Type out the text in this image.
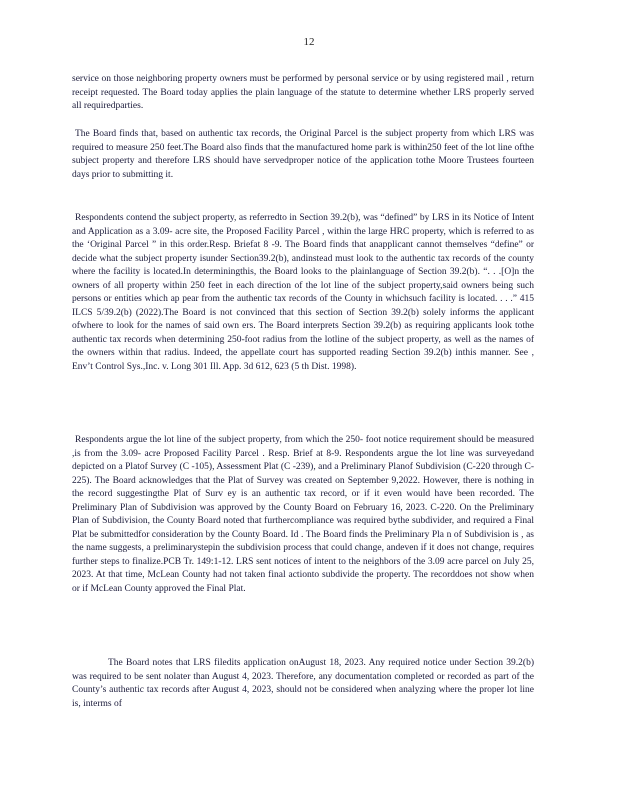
12

service on those neighboring property owners must be performed by personal service or by using registered mail , return receipt requested. The Board today applies the plain language of the statute to determine whether LRS properly served all requiredparties.

The Board finds that, based on authentic tax records, the Original Parcel is the subject property from which LRS was required to measure 250 feet.The Board also finds that the manufactured home park is within250 feet of the lot line ofthe subject property and therefore LRS should have servedproper notice of the application tothe Moore Trustees fourteen days prior to submitting it.

Respondents contend the subject property, as referredto in Section 39.2(b), was “defined” by LRS in its Notice of Intent and Application as a 3.09- acre site, the Proposed Facility Parcel , within the large HRC property, which is referred to as the ‘Original Parcel ” in this order.Resp. Briefat 8 -9. The Board finds that anapplicant cannot themselves “define” or decide what the subject property isunder Section39.2(b), andinstead must look to the authentic tax records of the county where the facility is located.In determiningthis, the Board looks to the plainlanguage of Section 39.2(b). “. . .[O]n the owners of all property within 250 feet in each direction of the lot line of the subject property,said owners being such persons or entities which ap pear from the authentic tax records of the County in whichsuch facility is located. . . .” 415 ILCS 5/39.2(b) (2022).The Board is not convinced that this section of Section 39.2(b) solely informs the applicant ofwhere to look for the names of said own ers. The Board interprets Section 39.2(b) as requiring applicants look tothe authentic tax records when determining 250-foot radius from the lotline of the subject property, as well as the names of the owners within that radius. Indeed, the appellate court has supported reading Section 39.2(b) inthis manner. See , Env’t Control Sys.,Inc. v. Long 301 Ill. App. 3d 612, 623 (5 th Dist. 1998).

Respondents argue the lot line of the subject property, from which the 250- foot notice requirement should be measured ,is from the 3.09- acre Proposed Facility Parcel . Resp. Brief at 8-9. Respondents argue the lot line was surveyedand depicted on a Platof Survey (C -105), Assessment Plat (C -239), and a Preliminary Planof Subdivision (C-220 through C-225). The Board acknowledges that the Plat of Survey was created on September 9,2022. However, there is nothing in the record suggestingthe Plat of Surv ey is an authentic tax record, or if it even would have been recorded. The Preliminary Plan of Subdivision was approved by the County Board on February 16, 2023. C-220. On the Preliminary Plan of Subdivision, the County Board noted that furthercompliance was required bythe subdivider, and required a Final Plat be submittedfor consideration by the County Board. Id . The Board finds the Preliminary Pla n of Subdivision is , as the name suggests, a preliminarystepin the subdivision process that could change, andeven if it does not change, requires further steps to finalize.PCB Tr. 149:1-12. LRS sent notices of intent to the neighbors of the 3.09 acre parcel on July 25, 2023. At that time, McLean County had not taken final actionto subdivide the property. The recorddoes not show when or if McLean County approved the Final Plat.

The Board notes that LRS filedits application onAugust 18, 2023. Any required notice under Section 39.2(b) was required to be sent nolater than August 4, 2023. Therefore, any documentation completed or recorded as part of the County’s authentic tax records after August 4, 2023, should not be considered when analyzing where the proper lot line is, interms of
